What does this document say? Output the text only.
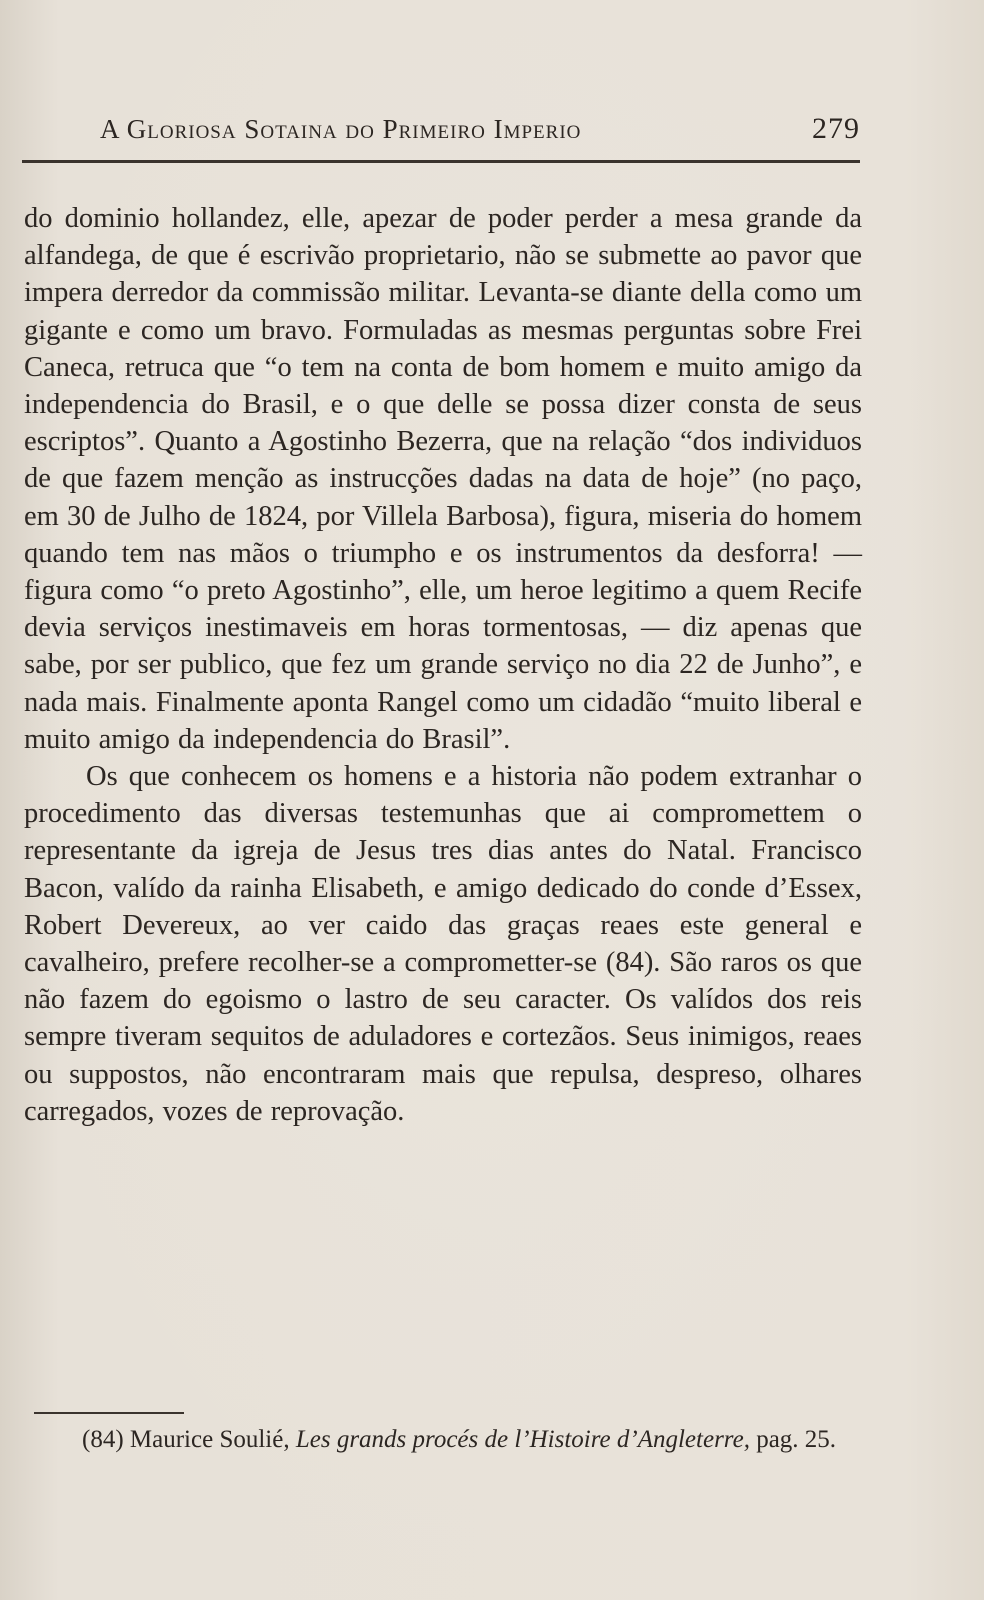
A Gloriosa Sotaina do Primeiro Imperio	279

do dominio hollandez, elle, apezar de poder perder a mesa grande da alfandega, de que é escrivão proprietario, não se submette ao pavor que impera derredor da commissão militar. Levanta-se diante della como um gigante e como um bravo. Formuladas as mesmas perguntas sobre Frei Caneca, retruca que “o tem na conta de bom homem e muito amigo da independencia do Brasil, e o que delle se possa dizer consta de seus escriptos”. Quanto a Agostinho Bezerra, que na relação “dos individuos de que fazem menção as instrucções dadas na data de hoje” (no paço, em 30 de Julho de 1824, por Villela Barbosa), figura, miseria do homem quando tem nas mãos o triumpho e os instrumentos da desforra! — figura como “o preto Agostinho”, elle, um heroe legitimo a quem Recife devia serviços inestimaveis em horas tormentosas, — diz apenas que sabe, por ser publico, que fez um grande serviço no dia 22 de Junho”, e nada mais. Finalmente aponta Rangel como um cidadão “muito liberal e muito amigo da independencia do Brasil”.

Os que conhecem os homens e a historia não podem extranhar o procedimento das diversas testemunhas que ai compromettem o representante da igreja de Jesus tres dias antes do Natal. Francisco Bacon, valído da rainha Elisabeth, e amigo dedicado do conde d’Essex, Robert Devereux, ao ver caido das graças reaes este general e cavalheiro, prefere recolher-se a comprometter-se (84). São raros os que não fazem do egoismo o lastro de seu caracter. Os valídos dos reis sempre tiveram sequitos de aduladores e cortezãos. Seus inimigos, reaes ou suppostos, não encontraram mais que repulsa, despreso, olhares carregados, vozes de reprovação.

(84) Maurice Soulié, Les grands procés de l’Histoire d’Angleterre, pag. 25.
